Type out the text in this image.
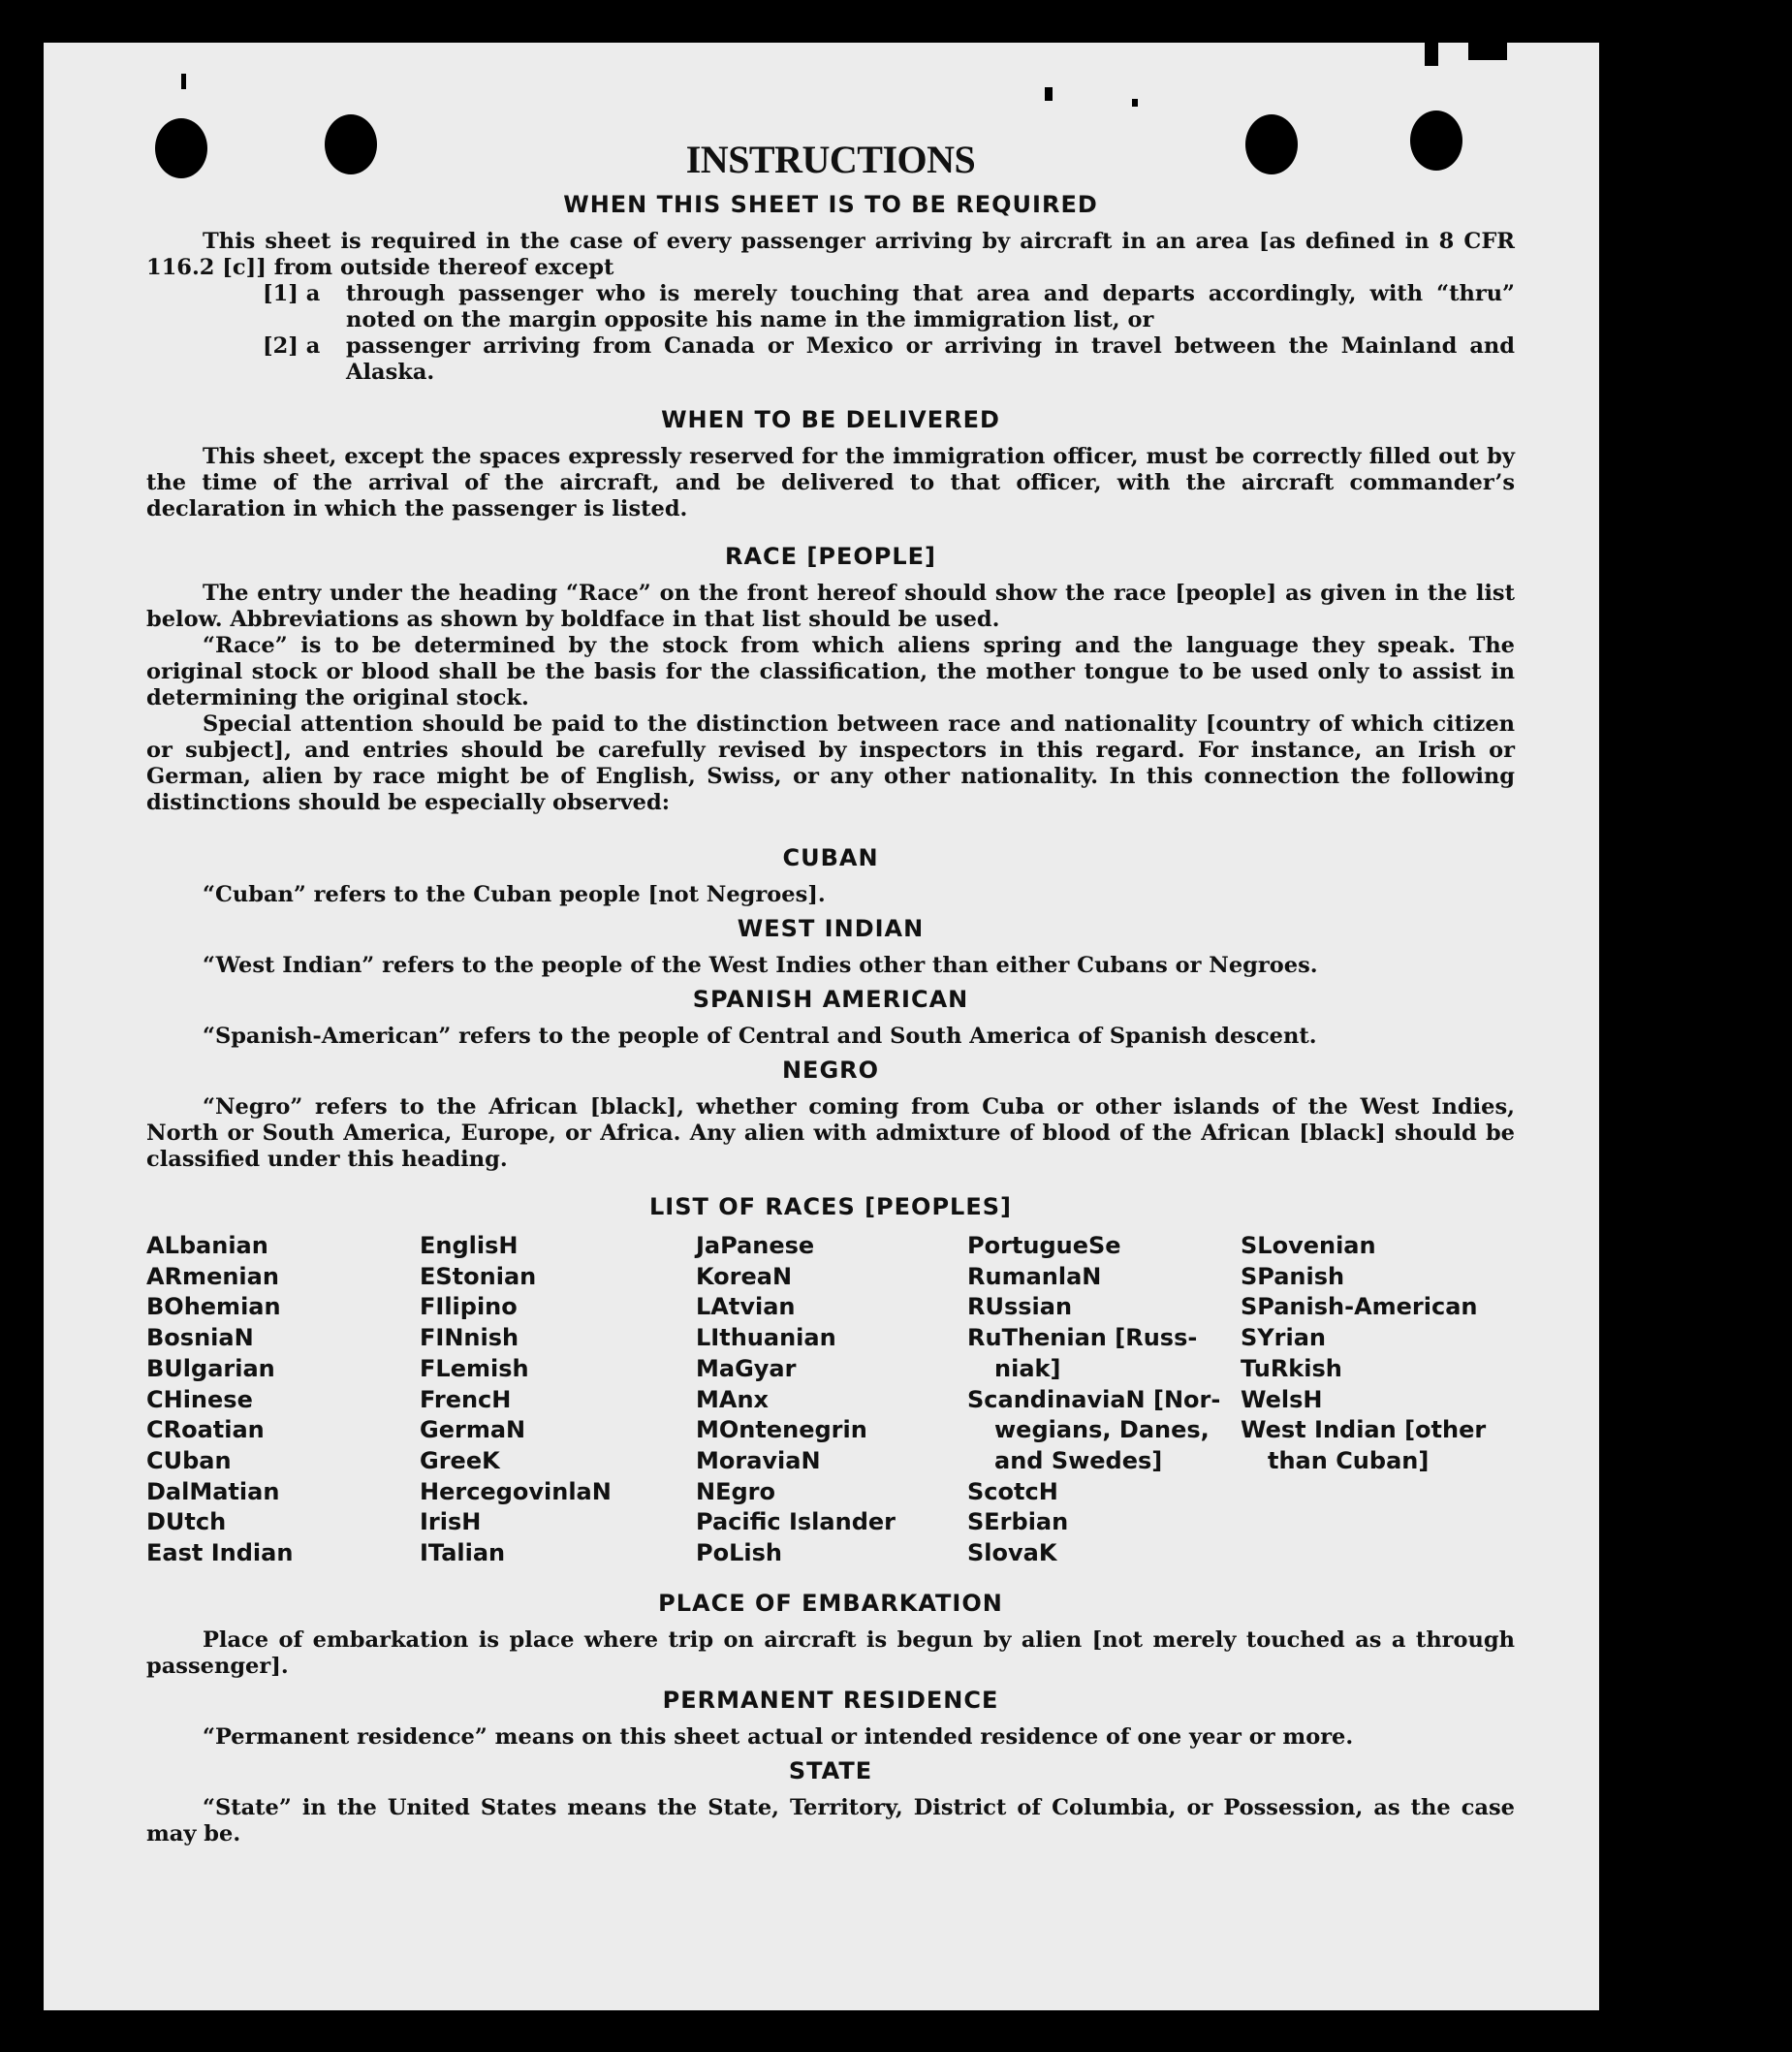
INSTRUCTIONS
WHEN THIS SHEET IS TO BE REQUIRED

This sheet is required in the case of every passenger arriving by aircraft in an area [as defined in 8 CFR 116.2 [c]] from outside thereof except

[1] a	through passenger who is merely touching that area and departs accordingly, with “thru” noted on the margin opposite his name in the immigration list, or
[2] a	passenger arriving from Canada or Mexico or arriving in travel between the Mainland and Alaska.
WHEN TO BE DELIVERED

This sheet, except the spaces expressly reserved for the immigration officer, must be correctly filled out by the time of the arrival of the aircraft, and be delivered to that officer, with the aircraft commander’s declaration in which the passenger is listed.

RACE [PEOPLE]

The entry under the heading “Race” on the front hereof should show the race [people] as given in the list below. Abbreviations as shown by boldface in that list should be used.

“Race” is to be determined by the stock from which aliens spring and the language they speak. The original stock or blood shall be the basis for the classification, the mother tongue to be used only to assist in determining the original stock.

Special attention should be paid to the distinction between race and nationality [country of which citizen or subject], and entries should be carefully revised by inspectors in this regard. For instance, an Irish or German, alien by race might be of English, Swiss, or any other nationality. In this connection the following distinctions should be especially observed:

CUBAN

“Cuban” refers to the Cuban people [not Negroes].

WEST INDIAN

“West Indian” refers to the people of the West Indies other than either Cubans or Negroes.

SPANISH AMERICAN

“Spanish-American” refers to the people of Central and South America of Spanish descent.

NEGRO

“Negro” refers to the African [black], whether coming from Cuba or other islands of the West Indies, North or South America, Europe, or Africa. Any alien with admixture of blood of the African [black] should be classified under this heading.

LIST OF RACES [PEOPLES]
ALbanian
ARmenian
BOhemian
BosniaN
BUlgarian
CHinese
CRoatian
CUban
DalMatian
DUtch
East Indian
EnglisH
EStonian
FIlipino
FINnish
FLemish
FrencH
GermaN
GreeK
HercegovinlaN
IrisH
ITalian
JaPanese
KoreaN
LAtvian
LIthuanian
MaGyar
MAnx
MOntenegrin
MoraviaN
NEgro
Pacific Islander
PoLish
PortugueSe
RumanlaN
RUssian
RuThenian [Russ-
niak]
ScandinaviaN [Nor-
wegians, Danes,
and Swedes]
ScotcH
SErbian
SlovaK
SLovenian
SPanish
SPanish-American
SYrian
TuRkish
WelsH
West Indian [other
than Cuban]
PLACE OF EMBARKATION

Place of embarkation is place where trip on aircraft is begun by alien [not merely touched as a through passenger].

PERMANENT RESIDENCE

“Permanent residence” means on this sheet actual or intended residence of one year or more.

STATE

“State” in the United States means the State, Territory, District of Columbia, or Possession, as the case may be.
